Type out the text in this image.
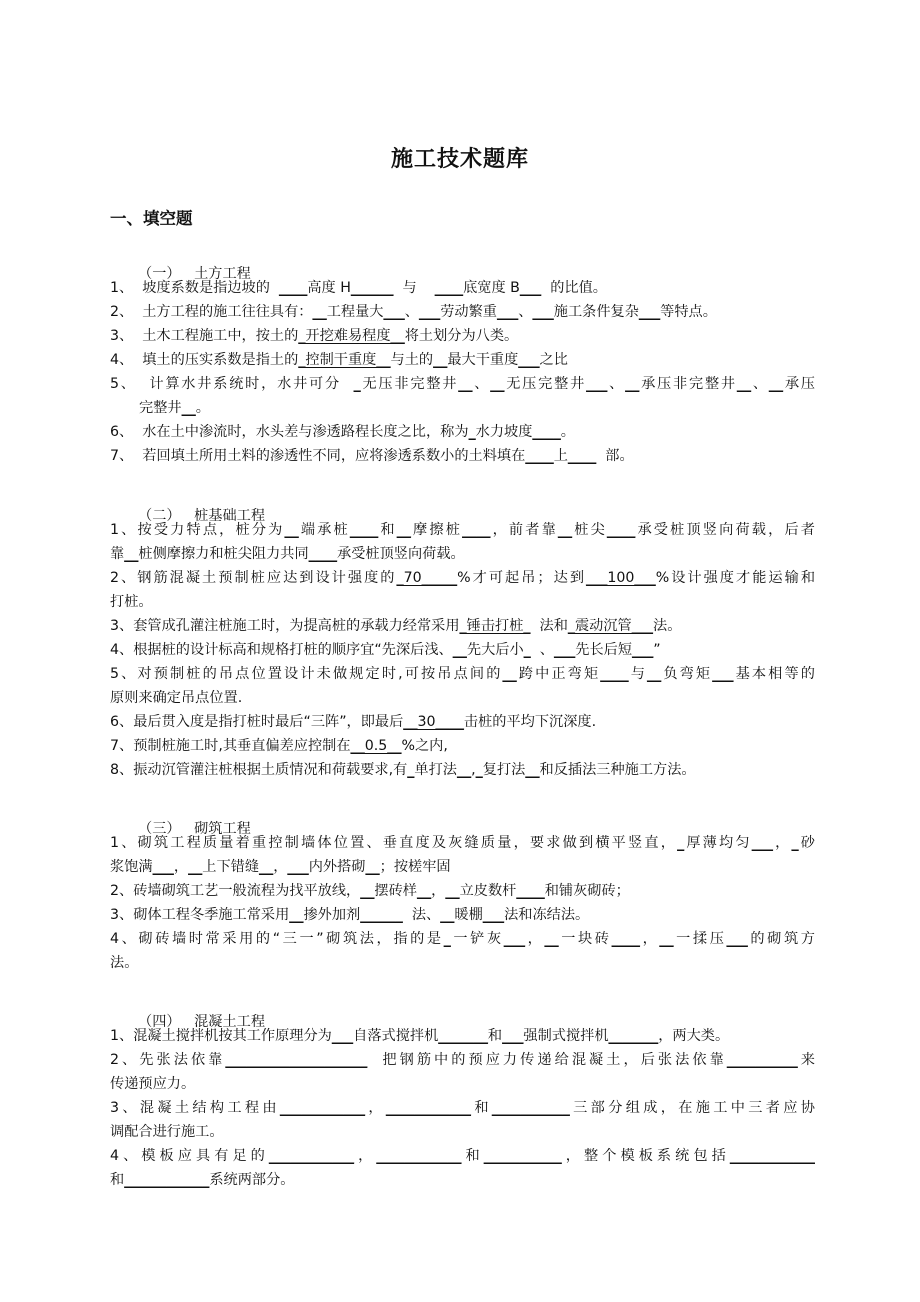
施工技术题库
一、填空题
（一）   土方工程
1、  坡度系数是指边坡的  ____高度 H______  与    ____底宽度 B___  的比值。
2、  土方工程的施工往往具有：__工程量大___、___劳动繁重___、___施工条件复杂___等特点。
3、  土木工程施工中，按土的_开挖难易程度__将土划分为八类。
4、  填土的压实系数是指土的_控制干重度__与土的__最大干重度___之比
5、  计算水井系统时，水井可分  _无压非完整井__、__无压完整井___、__承压非完整井__、__承压
完整井__。
6、  水在土中渗流时，水头差与渗透路程长度之比，称为_水力坡度____。
7、  若回填土所用土料的渗透性不同，应将渗透系数小的土料填在____上____  部。
（二）   桩基础工程
1、按受力特点，桩分为__端承桩____和__摩擦桩____，前者靠__桩尖____承受桩顶竖向荷载，后者
靠__桩侧摩擦力和桩尖阻力共同____承受桩顶竖向荷载。
2、钢筋混凝土预制桩应达到设计强度的_70_____%才可起吊；达到___100___%设计强度才能运输和
打桩。
3、套管成孔灌注桩施工时，为提高桩的承载力经常采用_锤击打桩_  法和_震动沉管___法。
4、根据桩的设计标高和规格打桩的顺序宜“先深后浅、__先大后小_  、___先长后短___”
5、对预制桩的吊点位置设计未做规定时,可按吊点间的__跨中正弯矩____与__负弯矩___基本相等的
原则来确定吊点位置.
6、最后贯入度是指打桩时最后“三阵”，即最后__30____击桩的平均下沉深度.
7、预制桩施工时,其垂直偏差应控制在__0.5__%之内,
8、振动沉管灌注桩根据土质情况和荷载要求,有_单打法__,_复打法__和反插法三种施工方法。
（三）   砌筑工程
1、砌筑工程质量着重控制墙体位置、垂直度及灰缝质量，要求做到横平竖直，_厚薄均匀___，_砂
浆饱满___，__上下错缝__，___内外搭砌__；按槎牢固
2、砖墙砌筑工艺一般流程为找平放线，__摆砖样__，__立皮数杆____和铺灰砌砖；
3、砌体工程冬季施工常采用__掺外加剂______  法、__暖棚___法和冻结法。
4、砌砖墙时常采用的“三一”砌筑法，指的是_一铲灰___，__一块砖____，__一揉压___的砌筑方
法。
（四）   混凝土工程
1、混凝土搅拌机按其工作原理分为___自落式搅拌机_______和___强制式搅拌机_______，两大类。
2、先张法依靠____________________  把钢筋中的预应力传递给混凝土，后张法依靠__________来
传递预应力。
3、混凝土结构工程由____________，____________和___________三部分组成，在施工中三者应协
调配合进行施工。
4、模板应具有足的____________，____________和___________，整个模板系统包括____________
和____________系统两部分。
